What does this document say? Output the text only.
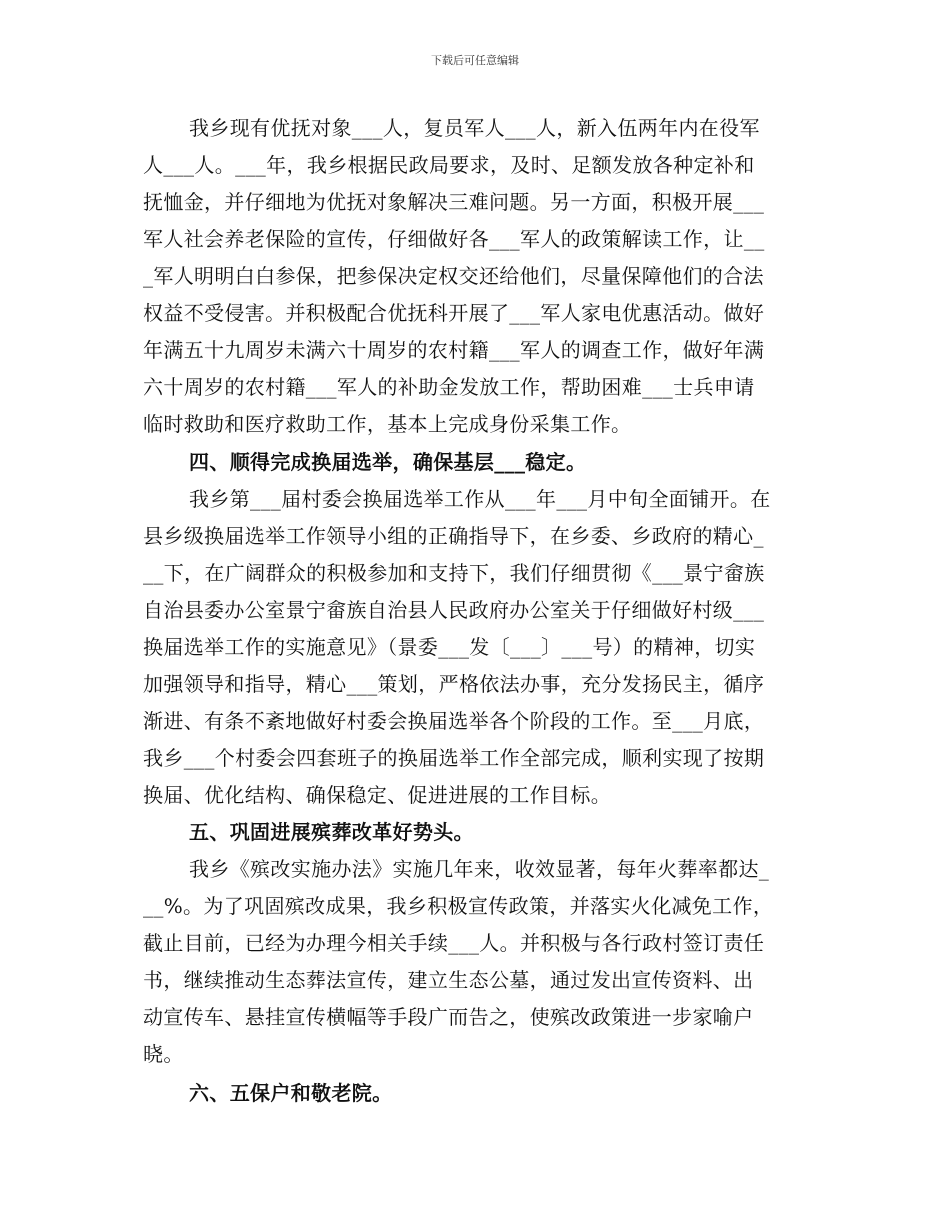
下载后可任意编辑
我乡现有优抚对象___人，复员军人___人，新入伍两年内在役军
人___人。___年，我乡根据民政局要求，及时、足额发放各种定补和
抚恤金，并仔细地为优抚对象解决三难问题。另一方面，积极开展___
军人社会养老保险的宣传，仔细做好各___军人的政策解读工作，让__
_军人明明白白参保，把参保决定权交还给他们，尽量保障他们的合法
权益不受侵害。并积极配合优抚科开展了___军人家电优惠活动。做好
年满五十九周岁未满六十周岁的农村籍___军人的调查工作，做好年满
六十周岁的农村籍___军人的补助金发放工作，帮助困难___士兵申请
临时救助和医疗救助工作，基本上完成身份采集工作。
四、顺得完成换届选举，确保基层___稳定。
我乡第___届村委会换届选举工作从___年___月中旬全面铺开。在
县乡级换届选举工作领导小组的正确指导下，在乡委、乡政府的精心_
__下，在广阔群众的积极参加和支持下，我们仔细贯彻《___景宁畲族
自治县委办公室景宁畲族自治县人民政府办公室关于仔细做好村级___
换届选举工作的实施意见》（景委___发〔___〕___号）的精神，切实
加强领导和指导，精心___策划，严格依法办事，充分发扬民主，循序
渐进、有条不紊地做好村委会换届选举各个阶段的工作。至___月底，
我乡___个村委会四套班子的换届选举工作全部完成，顺利实现了按期
换届、优化结构、确保稳定、促进进展的工作目标。
五、巩固进展殡葬改革好势头。
我乡《殡改实施办法》实施几年来，收效显著，每年火葬率都达_
__%。为了巩固殡改成果，我乡积极宣传政策，并落实火化减免工作，
截止目前，已经为办理今相关手续___人。并积极与各行政村签订责任
书，继续推动生态葬法宣传，建立生态公墓，通过发出宣传资料、出
动宣传车、悬挂宣传横幅等手段广而告之，使殡改政策进一步家喻户
晓。
六、五保户和敬老院。
